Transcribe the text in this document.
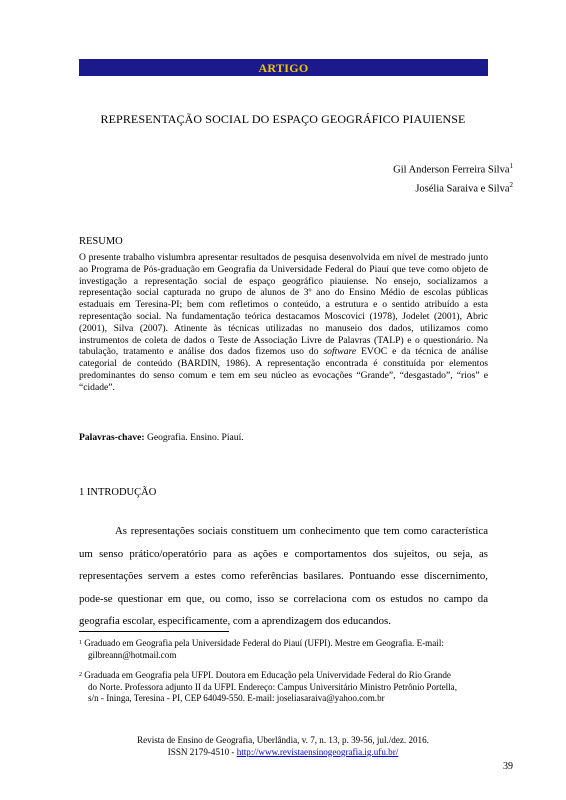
ARTIGO
REPRESENTAÇÃO SOCIAL DO ESPAÇO GEOGRÁFICO PIAUIENSE
Gil Anderson Ferreira Silva$^1$
Josélia Saraiva e Silva$^2$
RESUMO
O presente trabalho vislumbra apresentar resultados de pesquisa desenvolvida em nível de mestrado junto ao Programa de Pós-graduação em Geografia da Universidade Federal do Piauí que teve como objeto de investigação a representação social de espaço geográfico piauiense. No ensejo, socializamos a representação social capturada no grupo de alunos de 3º ano do Ensino Médio de escolas públicas estaduais em Teresina-PI; bem com refletimos o conteúdo, a estrutura e o sentido atribuído a esta representação social. Na fundamentação teórica destacamos Moscovici (1978), Jodelet (2001), Abric (2001), Silva (2007). Atinente às técnicas utilizadas no manuseio dos dados, utilizamos como instrumentos de coleta de dados o Teste de Associação Livre de Palavras (TALP) e o questionário. Na tabulação, tratamento e análise dos dados fizemos uso do software EVOC e da técnica de análise categorial de conteúdo (BARDIN, 1986). A representação encontrada é constituída por elementos predominantes do senso comum e tem em seu núcleo as evocações “Grande”, “desgastado”, “rios” e “cidade”.
Palavras-chave: Geografia. Ensino. Piauí.
1 INTRODUÇÃO
As representações sociais constituem um conhecimento que tem como característica um senso prático/operatório para as ações e comportamentos dos sujeitos, ou seja, as representações servem a estes como referências basilares. Pontuando esse discernimento, pode-se questionar em que, ou como, isso se correlaciona com os estudos no campo da geografia escolar, especificamente, com a aprendizagem dos educandos.
$^1$ Graduado em Geografia pela Universidade Federal do Piauí (UFPI). Mestre em Geografia. E-mail:
gilbreann@hotmail.com
$^2$ Graduada em Geografia pela UFPI. Doutora em Educação pela Univervidade Federal do Rio Grande
do Norte. Professora adjunto II da UFPI. Endereço: Campus Universitário Ministro Petrônio Portella,
s/n - Ininga, Teresina - PI, CEP 64049-550. E-mail: joseliasaraiva@yahoo.com.br
Revista de Ensino de Geografia, Uberlândia, v. 7, n. 13, p. 39-56, jul./dez. 2016.
ISSN 2179-4510 - http://www.revistaensinogeografia.ig.ufu.br/
39
